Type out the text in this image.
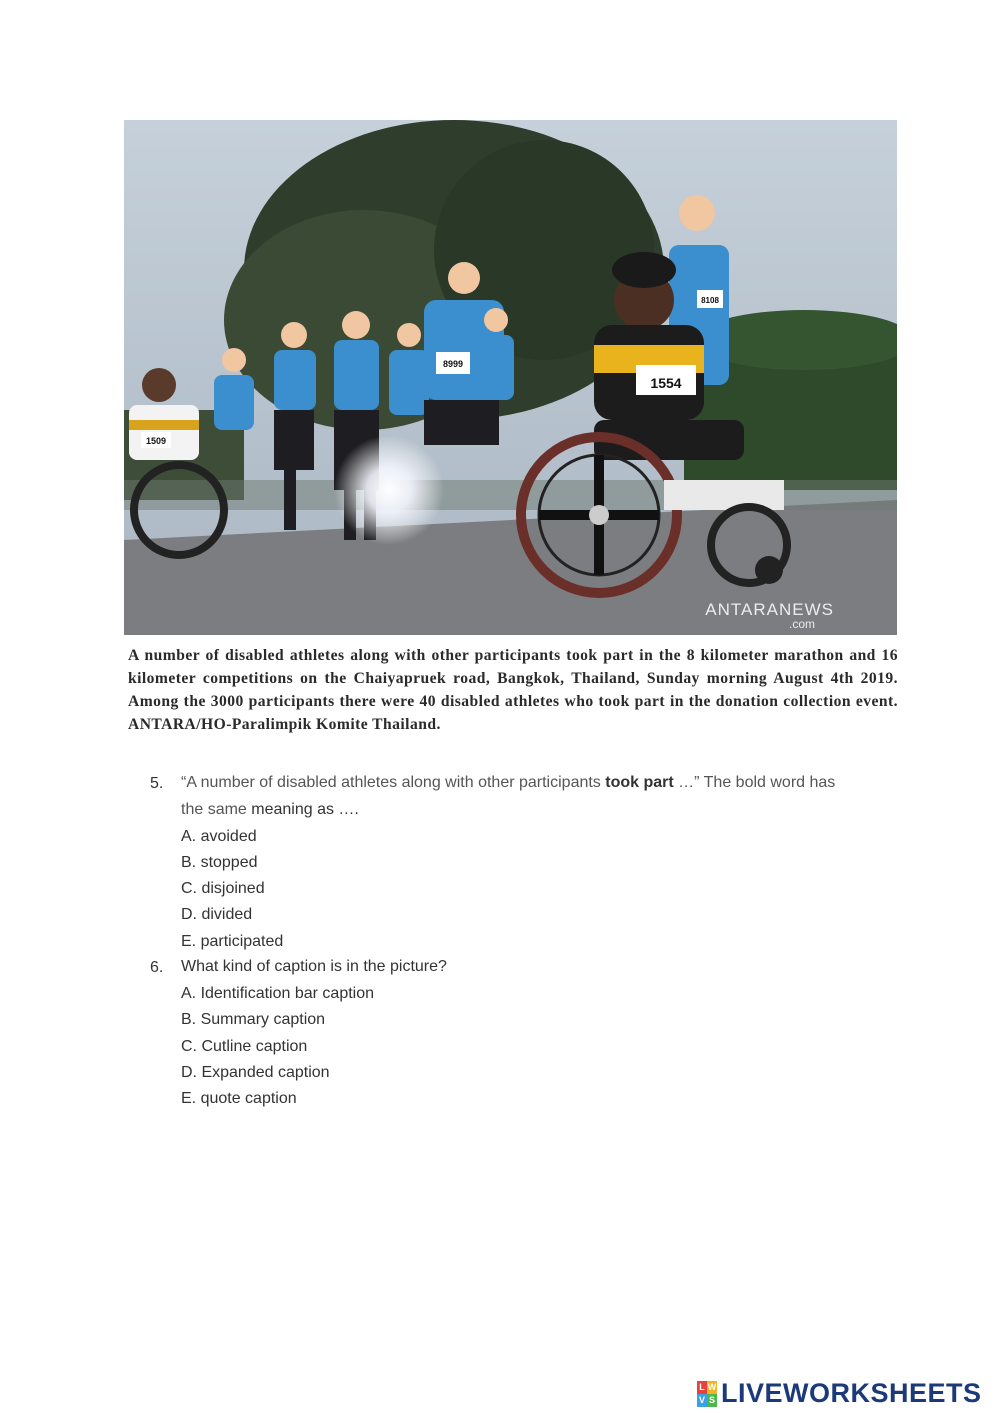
1554
1509
8999
8108
ANTARANEWS
.com

A number of disabled athletes along with other participants took part in the 8 kilometer marathon and 16 kilometer competitions on the Chaiyapruek road, Bangkok, Thailand, Sunday morning August 4th 2019. Among the 3000 participants there were 40 disabled athletes who took part in the donation collection event. ANTARA/HO-Paralimpik Komite Thailand.

5.	“A number of disabled athletes along with other participants took part …” The bold word has
the same meaning as ….
A. avoided
B. stopped
C. disjoined
D. divided
E. participated
6.	What kind of caption is in the picture?
A. Identification bar caption
B. Summary caption
C. Cutline caption
D. Expanded caption
E. quote caption
L W
V S LIVEWORKSHEETS
